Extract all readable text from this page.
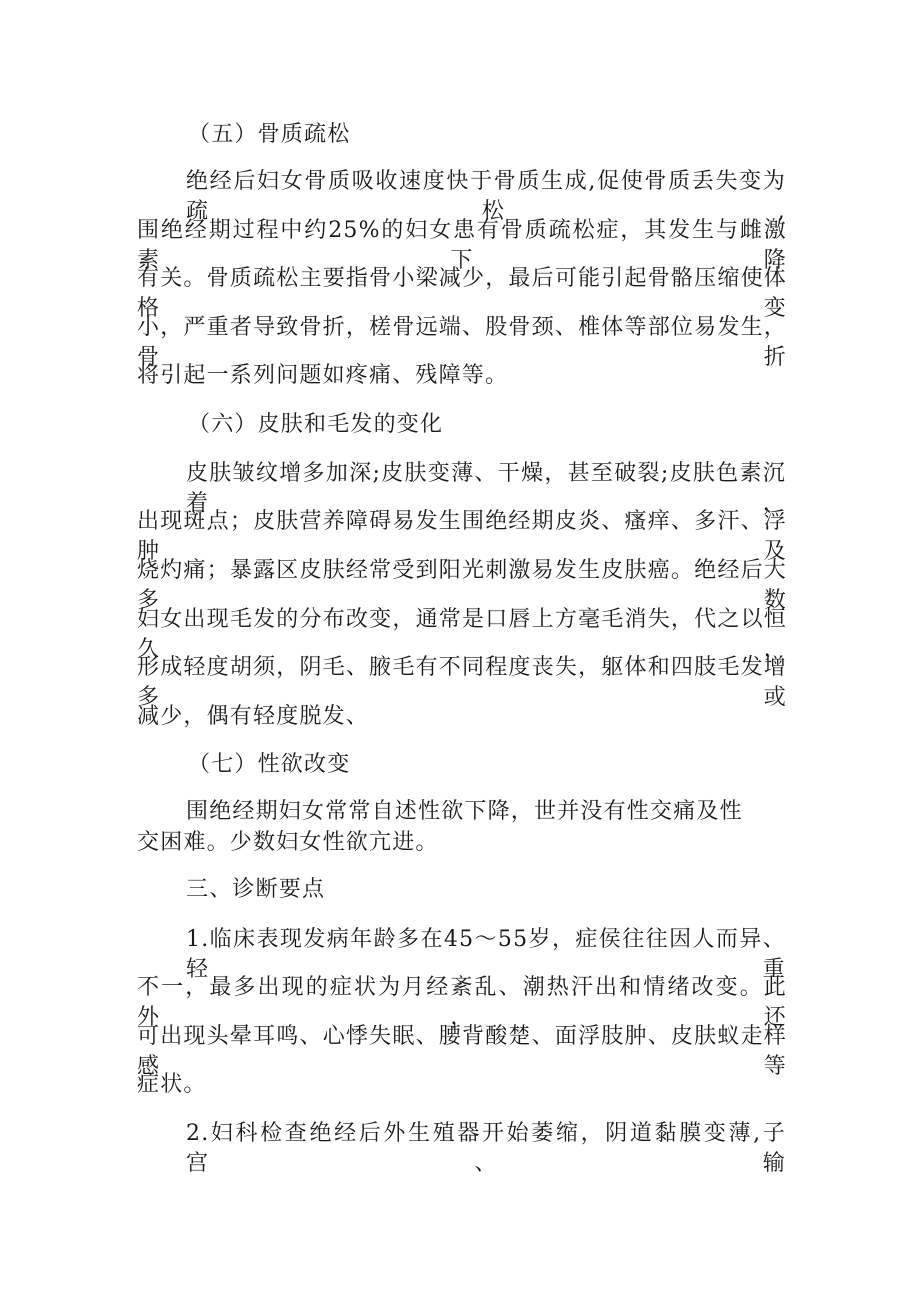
（五）骨质疏松
绝经后妇女骨质吸收速度快于骨质生成,促使骨质丢失变为疏松,
围绝经期过程中约25%的妇女患有骨质疏松症，其发生与雌激素下降
有关。骨质疏松主要指骨小梁减少，最后可能引起骨骼压缩使体格变
小，严重者导致骨折，槎骨远端、股骨颈、椎体等部位易发生，骨折
将引起一系列问题如疼痛、残障等。
（六）皮肤和毛发的变化
皮肤皱纹增多加深;皮肤变薄、干燥，甚至破裂;皮肤色素沉着，
出现斑点；皮肤营养障碍易发生围绝经期皮炎、瘙痒、多汗、浮肿及
烧灼痛；暴露区皮肤经常受到阳光刺激易发生皮肤癌。绝经后大多数
妇女出现毛发的分布改变，通常是口唇上方毫毛消失，代之以恒久，
形成轻度胡须，阴毛、腋毛有不同程度丧失，躯体和四肢毛发增多或
减少，偶有轻度脱发、
（七）性欲改变
围绝经期妇女常常自述性欲下降，世并没有性交痛及性
交困难。少数妇女性欲亢进。
三、诊断要点
1.临床表现发病年龄多在45～55岁，症侯往往因人而异、轻重
不一，最多出现的症状为月经紊乱、潮热汗出和情绪改变。此外，还
可出现头晕耳鸣、心悸失眠、腰背酸楚、面浮肢肿、皮肤蚁走样感等
症状。
2.妇科检查绝经后外生殖器开始萎缩，阴道黏膜变薄,子宫、输
